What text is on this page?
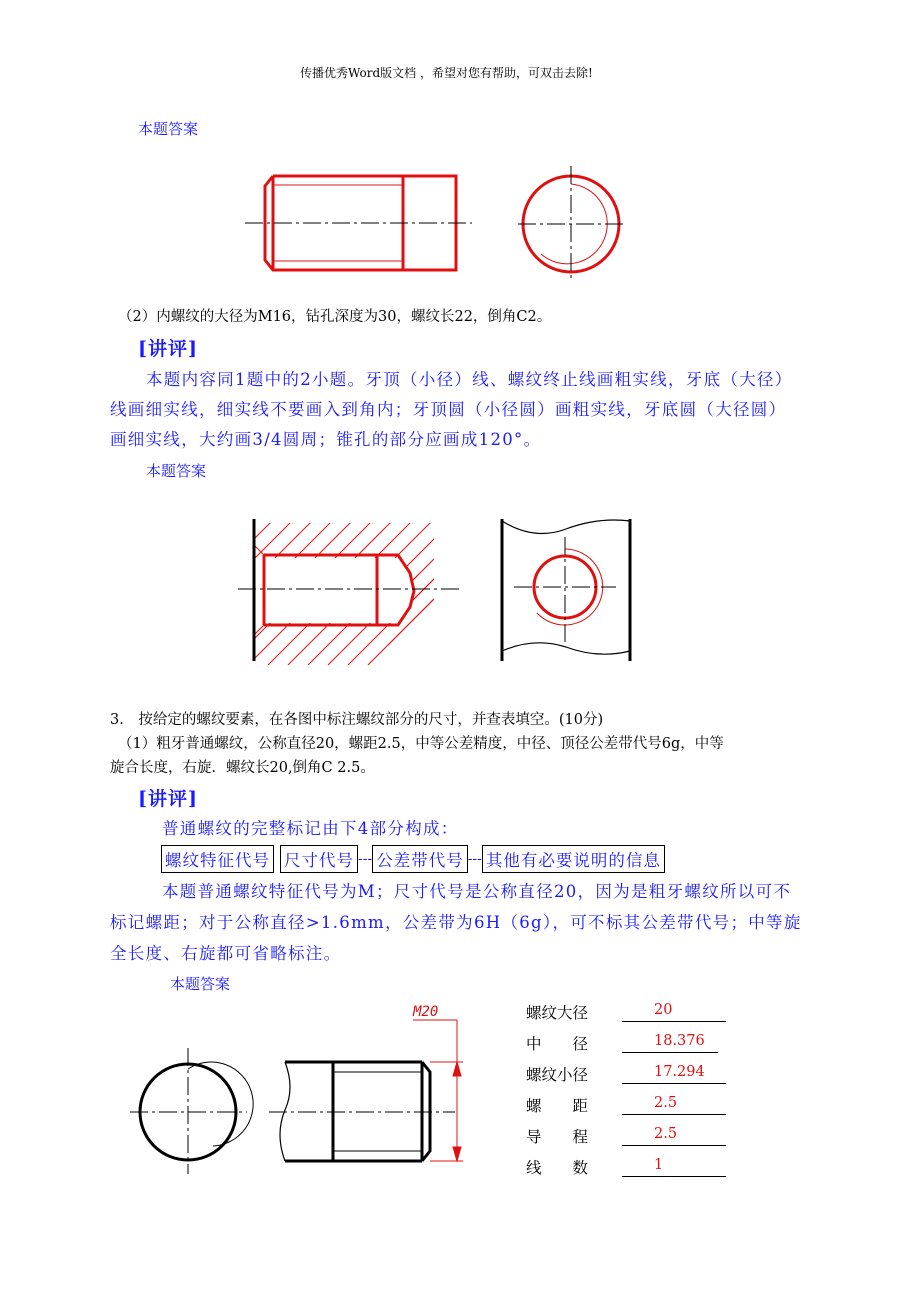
传播优秀Word版文档 ，希望对您有帮助，可双击去除!
本题答案
（2）内螺纹的大径为M16，钻孔深度为30，螺纹长22，倒角C2。
[讲评]
本题内容同1题中的2小题。牙顶（小径）线、螺纹终止线画粗实线，牙底（大径）
线画细实线，细实线不要画入到角内；牙顶圆（小径圆）画粗实线，牙底圆（大径圆）
画细实线，大约画3/4圆周；锥孔的部分应画成120°。
本题答案
3． 按给定的螺纹要素，在各图中标注螺纹部分的尺寸，并查表填空。(10分)
（1）粗牙普通螺纹，公称直径20，螺距2.5，中等公差精度，中径、顶径公差带代号6g，中等
旋合长度，右旋．螺纹长20,倒角C 2.5。
[讲评]
普通螺纹的完整标记由下4部分构成：
螺纹特征代号 尺寸代号 --- 公差带代号 --- 其他有必要说明的信息
本题普通螺纹特征代号为M；尺寸代号是公称直径20，因为是粗牙螺纹所以可不
标记螺距；对于公称直径>1.6mm，公差带为6H（6g），可不标其公差带代号；中等旋
全长度、右旋都可省略标注。
本题答案
M20	螺纹大径	20
中　　径	18.376
螺纹小径	17.294
螺　　距	2.5
导　　程	2.5
线　　数	1
